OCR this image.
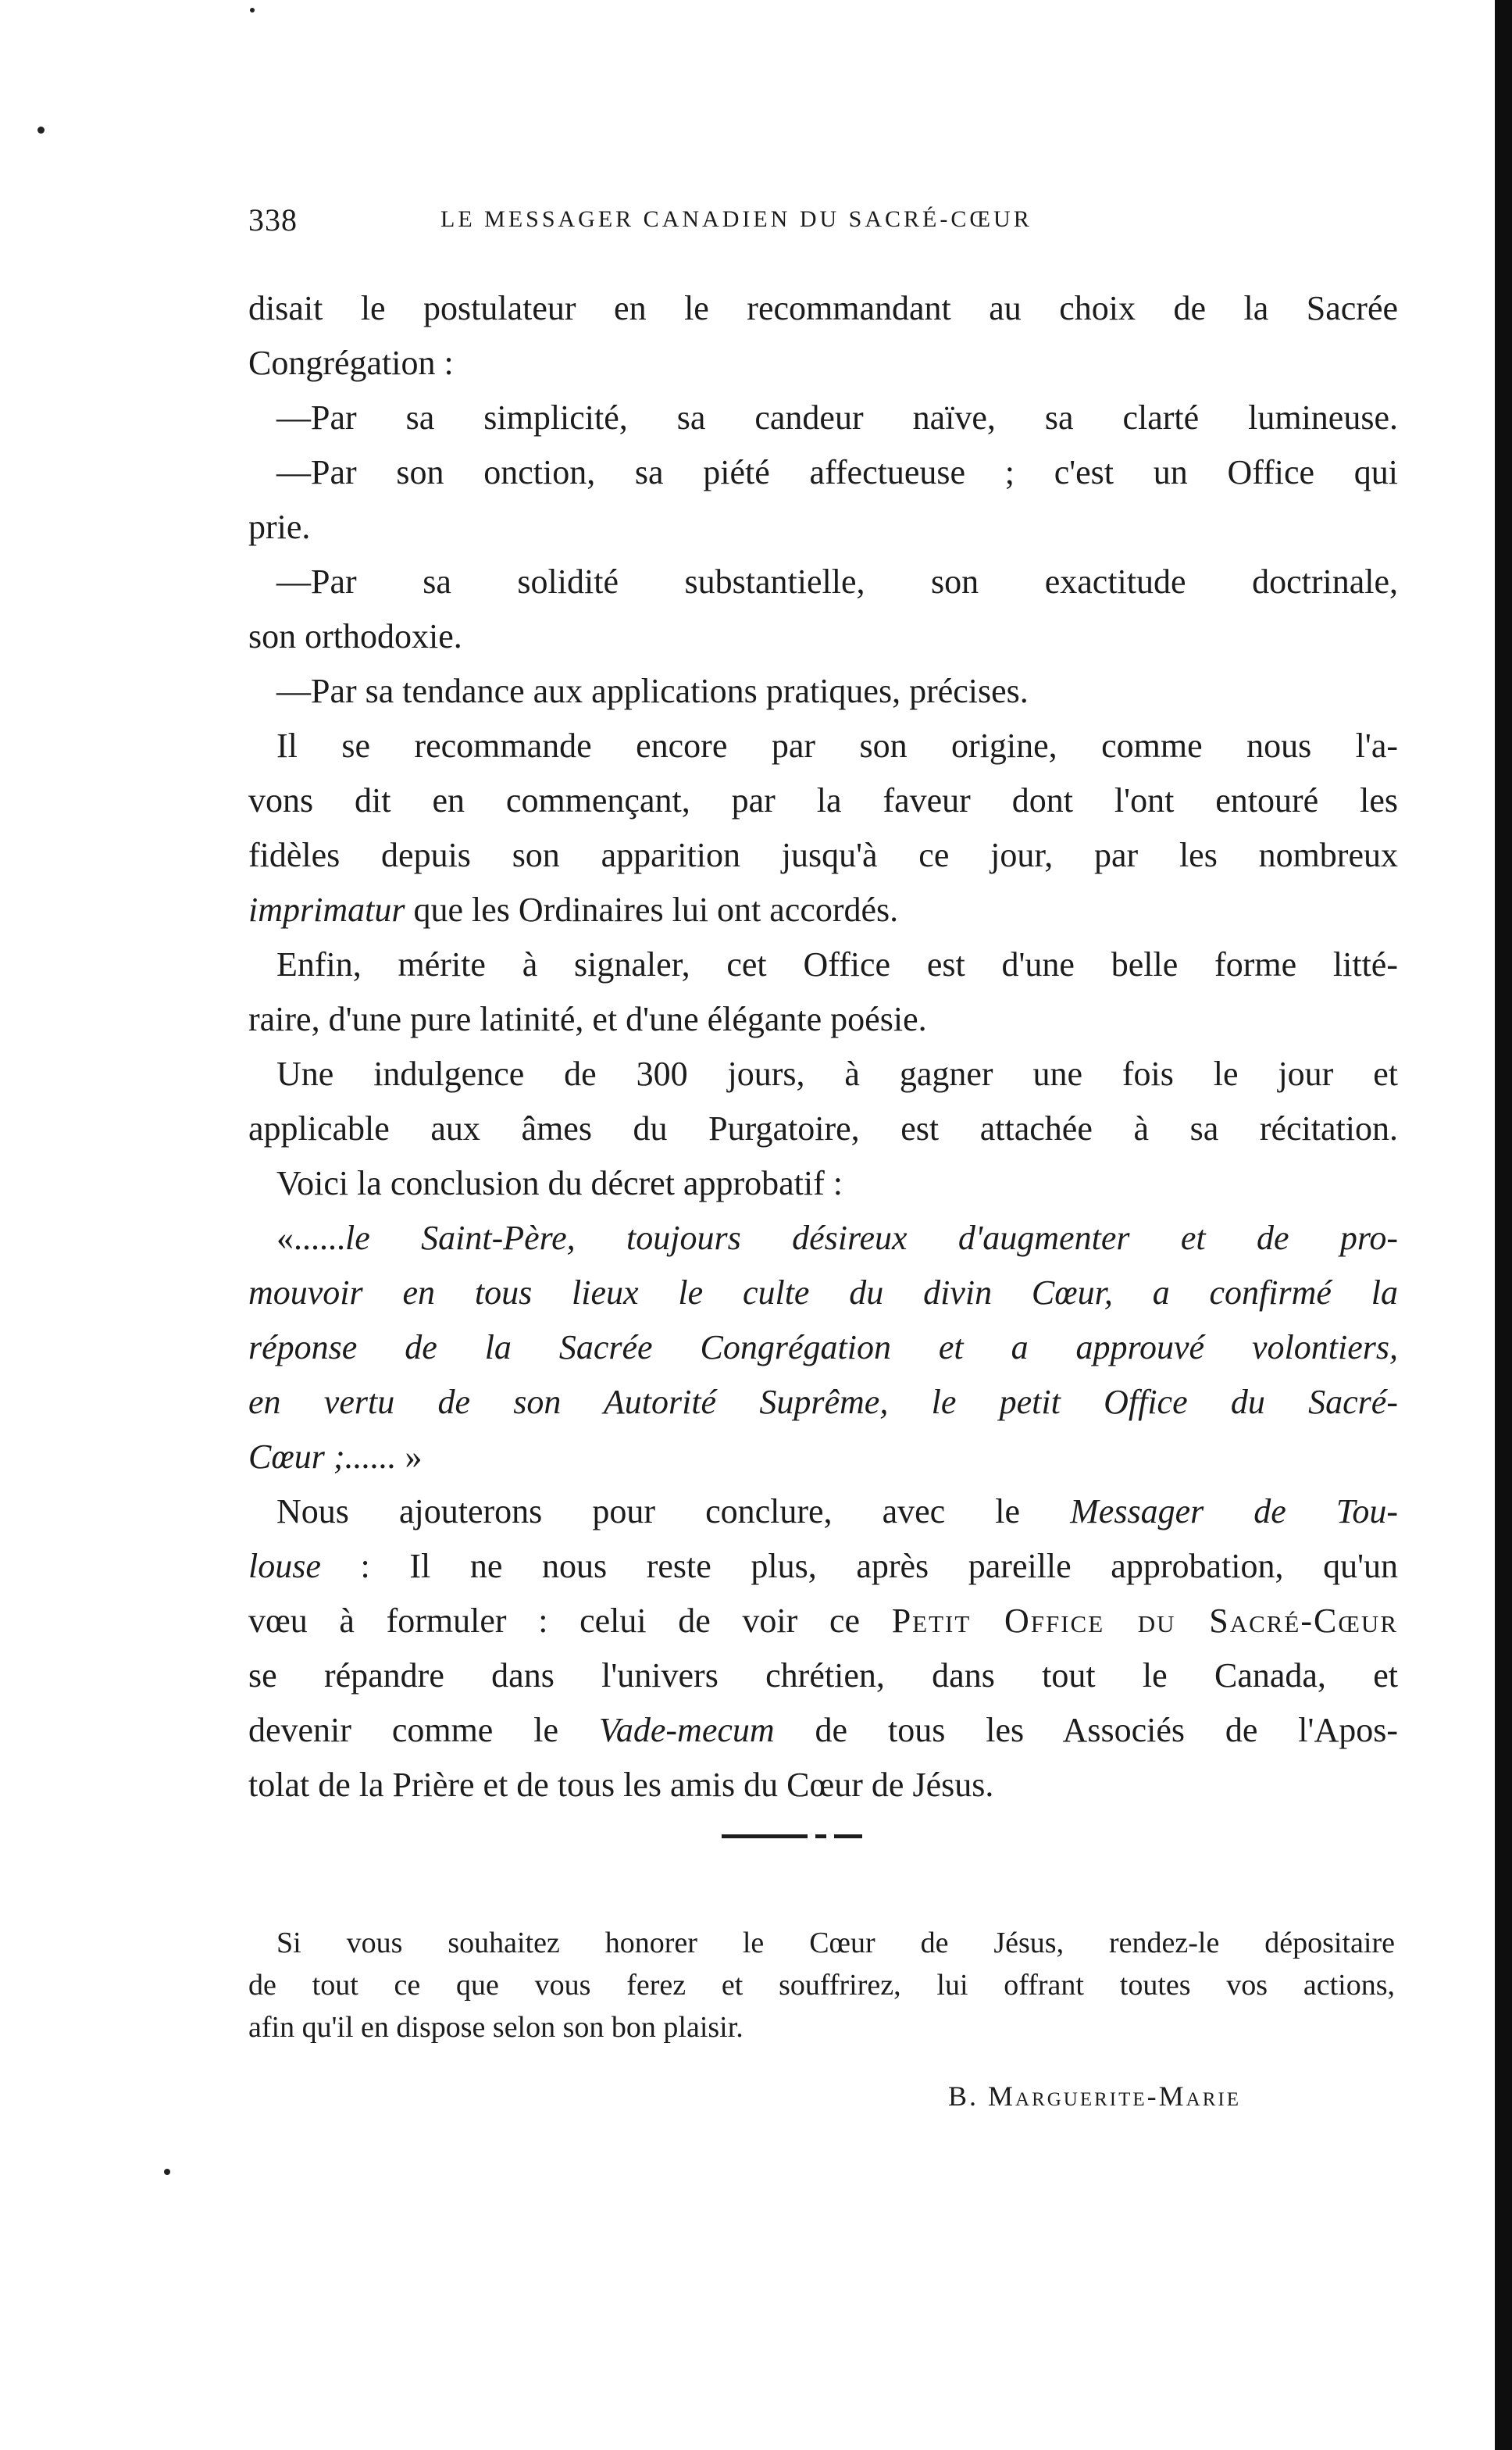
338	LE MESSAGER CANADIEN DU SACRÉ-CŒUR
disait le postulateur en le recommandant au choix de la Sacrée
Congrégation :
—Par sa simplicité, sa candeur naïve, sa clarté lumineuse.
—Par son onction, sa piété affectueuse ; c'est un Office qui
prie.
—Par sa solidité substantielle, son exactitude doctrinale,
son orthodoxie.
—Par sa tendance aux applications pratiques, précises.
Il se recommande encore par son origine, comme nous l'a-
vons dit en commençant, par la faveur dont l'ont entouré les
fidèles depuis son apparition jusqu'à ce jour, par les nombreux
imprimatur que les Ordinaires lui ont accordés.
Enfin, mérite à signaler, cet Office est d'une belle forme litté-
raire, d'une pure latinité, et d'une élégante poésie.
Une indulgence de 300 jours, à gagner une fois le jour et
applicable aux âmes du Purgatoire, est attachée à sa récitation.
Voici la conclusion du décret approbatif :
«......le Saint-Père, toujours désireux d'augmenter et de pro-
mouvoir en tous lieux le culte du divin Cœur, a confirmé la
réponse de la Sacrée Congrégation et a approuvé volontiers,
en vertu de son Autorité Suprême, le petit Office du Sacré-
Cœur ;...... »
Nous ajouterons pour conclure, avec le Messager de Tou-
louse : Il ne nous reste plus, après pareille approbation, qu'un
vœu à formuler : celui de voir ce Petit Office du Sacré-Cœur
se répandre dans l'univers chrétien, dans tout le Canada, et
devenir comme le Vade-mecum de tous les Associés de l'Apos-
tolat de la Prière et de tous les amis du Cœur de Jésus.
Si vous souhaitez honorer le Cœur de Jésus, rendez-le dépositaire
de tout ce que vous ferez et souffrirez, lui offrant toutes vos actions,
afin qu'il en dispose selon son bon plaisir.
B. Marguerite-Marie
